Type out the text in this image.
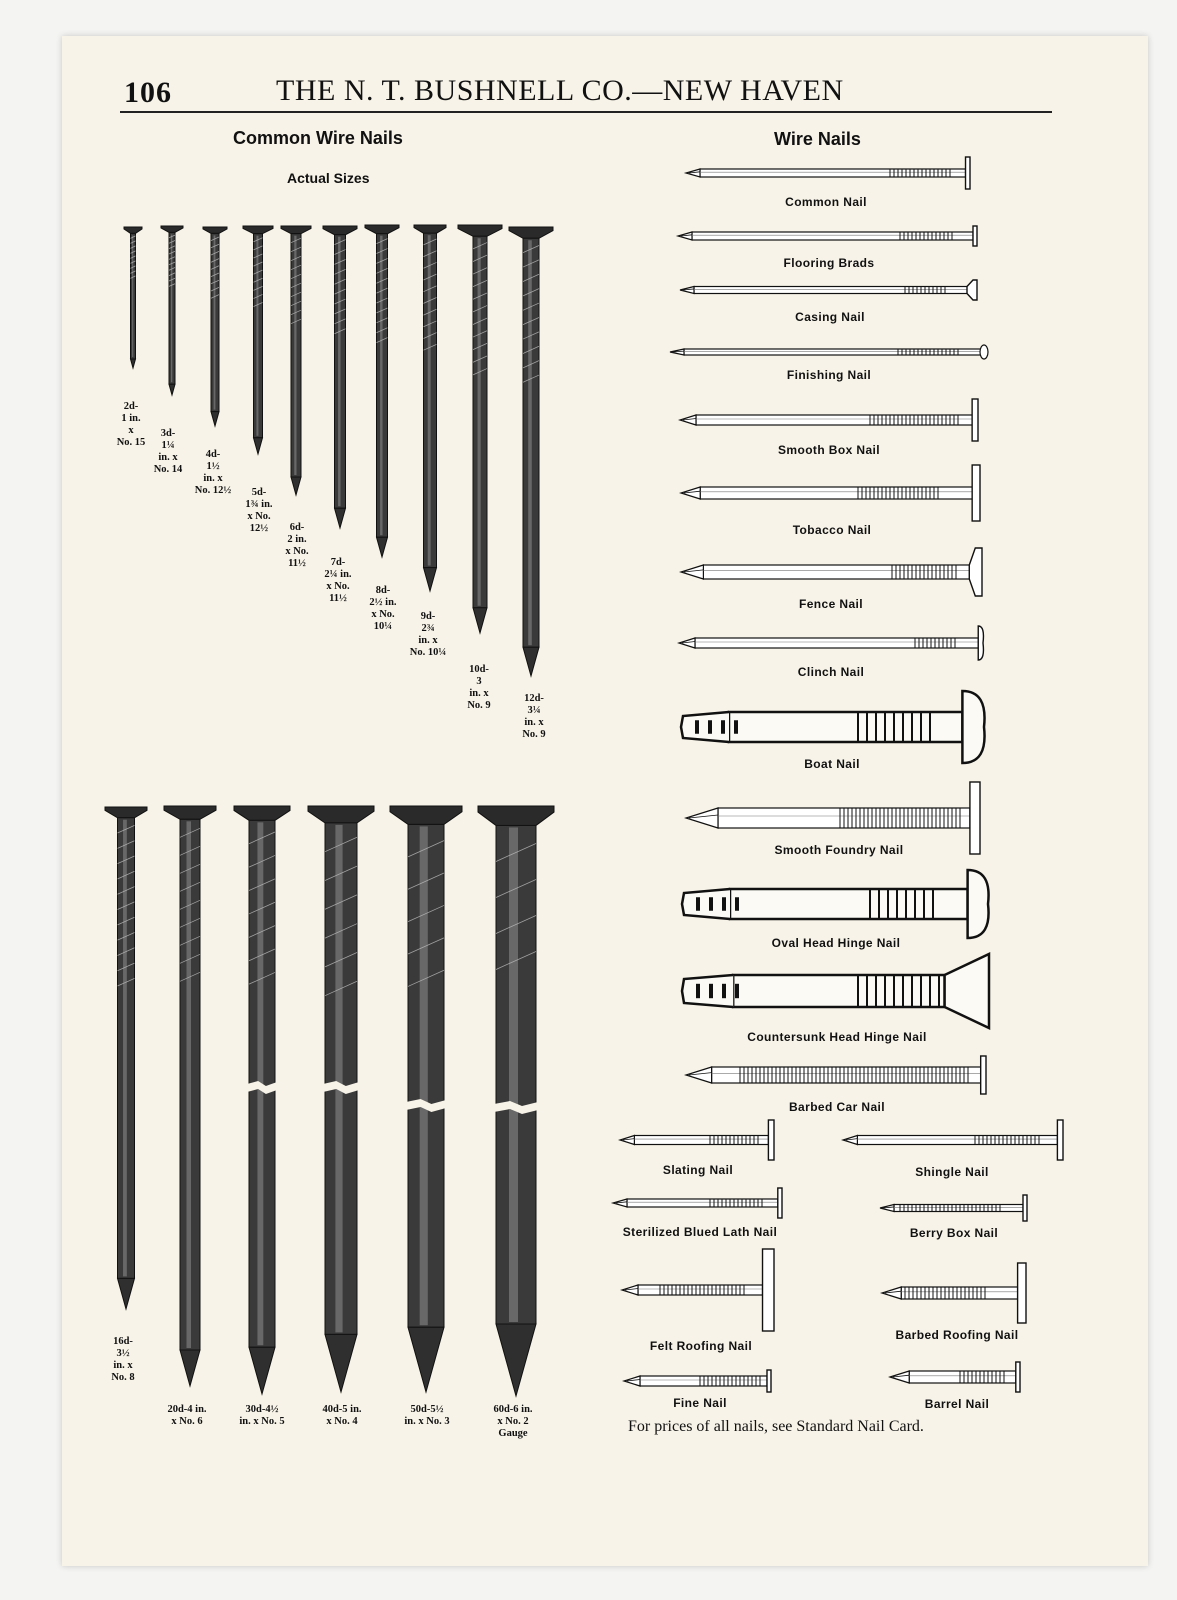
106	THE N. T. BUSHNELL CO.—NEW HAVEN
Common Wire Nails
Actual Sizes
Wire Nails
2d-
1 in.
x
No. 15
3d-
1¼
in. x
No. 14
4d-
1½
in. x
No. 12½	5d-
1¾ in.
x No.
12½	6d-
2 in.
x No.
11½	7d-
2¼ in.
x No.
11½
8d-
2½ in.
x No.
10¼
9d-
2¾
in. x
No. 10¼
10d-
3
in. x
No. 9
12d-
3¼
in. x
No. 9
16d-
3½
in. x
No. 8
20d-4 in.
x No. 6
30d-4½
in. x No. 5
40d-5 in.
x No. 4
50d-5½
in. x No. 3
60d-6 in.
x No. 2
Gauge
Common Nail
Flooring Brads
Casing Nail
Finishing Nail
Smooth Box Nail
Tobacco Nail
Fence Nail
Clinch Nail
Boat Nail
Smooth Foundry Nail
Oval Head Hinge Nail
Countersunk Head Hinge Nail
Barbed Car Nail
Slating Nail	Shingle Nail
Sterilized Blued Lath Nail	Berry Box Nail
Felt Roofing Nail
Barbed Roofing Nail
Fine Nail	Barrel Nail
For prices of all nails, see Standard Nail Card.
